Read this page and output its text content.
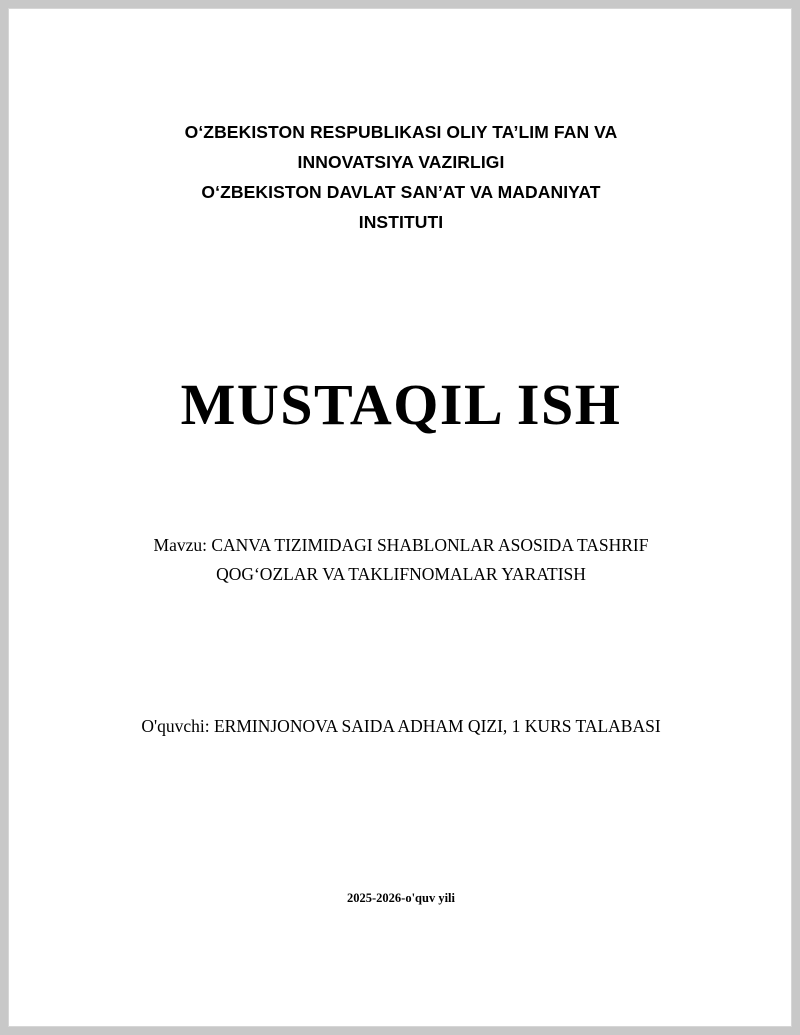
O‘ZBEKISTON RESPUBLIKASI OLIY TA’LIM FAN VA
INNOVATSIYA VAZIRLIGI
O‘ZBEKISTON DAVLAT SAN’AT VA MADANIYAT
INSTITUTI
MUSTAQIL ISH
Mavzu: CANVA TIZIMIDAGI SHABLONLAR ASOSIDA TASHRIF
QOG‘OZLAR VA TAKLIFNOMALAR YARATISH
O'quvchi: ERMINJONOVA SAIDA ADHAM QIZI, 1 KURS TALABASI
2025-2026-o'quv yili
